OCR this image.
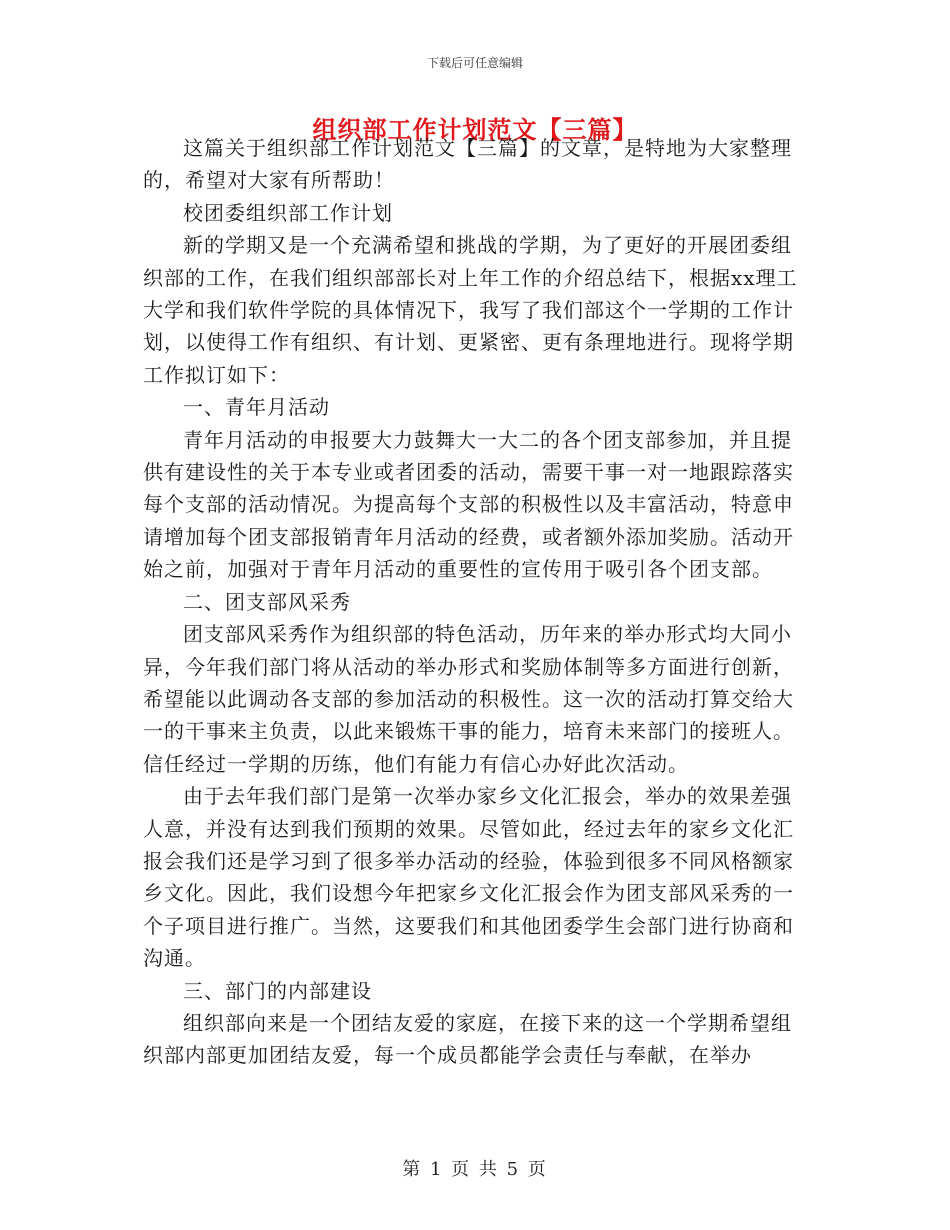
下载后可任意编辑
组织部工作计划范文【三篇】

这篇关于组织部工作计划范文【三篇】的文章，是特地为大家整理的，希望对大家有所帮助！

校团委组织部工作计划

新的学期又是一个充满希望和挑战的学期，为了更好的开展团委组织部的工作，在我们组织部部长对上年工作的介绍总结下，根据xx理工大学和我们软件学院的具体情况下，我写了我们部这个一学期的工作计划，以使得工作有组织、有计划、更紧密、更有条理地进行。现将学期工作拟订如下：

一、青年月活动

青年月活动的申报要大力鼓舞大一大二的各个团支部参加，并且提供有建设性的关于本专业或者团委的活动，需要干事一对一地跟踪落实每个支部的活动情况。为提高每个支部的积极性以及丰富活动，特意申请增加每个团支部报销青年月活动的经费，或者额外添加奖励。活动开始之前，加强对于青年月活动的重要性的宣传用于吸引各个团支部。

二、团支部风采秀

团支部风采秀作为组织部的特色活动，历年来的举办形式均大同小异，今年我们部门将从活动的举办形式和奖励体制等多方面进行创新，希望能以此调动各支部的参加活动的积极性。这一次的活动打算交给大一的干事来主负责，以此来锻炼干事的能力，培育未来部门的接班人。信任经过一学期的历练，他们有能力有信心办好此次活动。

由于去年我们部门是第一次举办家乡文化汇报会，举办的效果差强人意，并没有达到我们预期的效果。尽管如此，经过去年的家乡文化汇报会我们还是学习到了很多举办活动的经验，体验到很多不同风格额家乡文化。因此，我们设想今年把家乡文化汇报会作为团支部风采秀的一个子项目进行推广。当然，这要我们和其他团委学生会部门进行协商和沟通。

三、部门的内部建设

组织部向来是一个团结友爱的家庭，在接下来的这一个学期希望组织部内部更加团结友爱，每一个成员都能学会责任与奉献，在举办

第 1 页 共 5 页
